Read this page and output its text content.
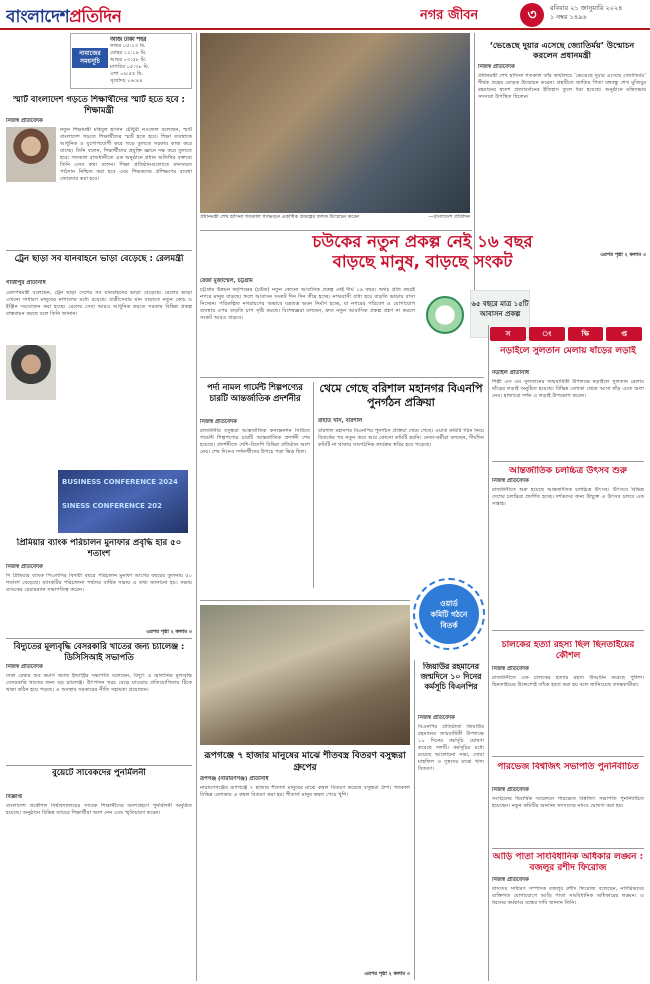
বাংলাদেশপ্রতিদিন	নগর জীবন	৩	রবিবার ২১ জানুয়ারি ২০২৪
১ নম্বর ১৪৯৬
আজ ঢাকা শহর
নামাজের সময়সূচি
ফজর ০৫:২৩ মি.
যোহর ১২:১৯ মি.
আছর ০৩:৫৮ মি.
মাগরিব ০৫:৩৮ মি.
এশা ০৬:৫৫ মি.
সূর্যোদয় ০৬:৪৪
স্মার্ট বাংলাদেশ গড়তে শিক্ষার্থীদের স্মার্ট হতে হবে : শিক্ষামন্ত্রী
নিজস্ব প্রতিবেদক
নতুন শিক্ষামন্ত্রী মহিবুল হাসান চৌধুরী নওফেল বলেছেন, স্মার্ট বাংলাদেশ গড়তে শিক্ষার্থীদের স্মার্ট হতে হবে। শিক্ষা ব্যবস্থাকে আধুনিক ও যুগোপযোগী করে গড়ে তুলতে সরকার কাজ করে যাচ্ছে। তিনি বলেন, শিক্ষার্থীদের প্রযুক্তি জ্ঞানে দক্ষ করে তুলতে হবে। গতকাল রাজধানীতে এক অনুষ্ঠানে প্রধান অতিথির বক্তব্যে তিনি এসব কথা বলেন। শিক্ষা প্রতিষ্ঠানগুলোতে মানসম্মত পাঠদান নিশ্চিত করা হবে এবং শিক্ষকদের প্রশিক্ষণের ব্যবস্থা জোরদার করা হবে।
ট্রেন ছাড়া সব যানবাহনে ভাড়া বেড়েছে : রেলমন্ত্রী
গাজীপুর প্রতিনিধি
রেলপথমন্ত্রী বলেছেন, ট্রেন ছাড়া দেশের সব যানবাহনের ভাড়া বেড়েছে। রেলের ভাড়া এখনো সাধারণ মানুষের নাগালের মধ্যে রয়েছে। যাত্রীসেবার মান বাড়াতে নতুন কোচ ও ইঞ্জিন সংযোজন করা হচ্ছে। রেলের সেবা আরও আধুনিক করতে সরকার বিভিন্ন প্রকল্প বাস্তবায়ন করছে বলে তিনি জানান।
BUSINESS CONFERENCE 2024
SINESS CONFERENCE 202
প্রিমিয়ার ব্যাংক পরিচালন মুনাফার প্রবৃদ্ধি হার ৫০ শতাংশ
নিজস্ব প্রতিবেদক
দি প্রিমিয়ার ব্যাংক পিএলসির বিদায়ী বছরে পরিচালন মুনাফা আগের বছরের তুলনায় ৫০ শতাংশ বেড়েছে। ব্যাংকটির পরিচালনা পর্ষদের বার্ষিক সভায় এ তথ্য জানানো হয়। সভায় ব্যাংকের চেয়ারম্যান সভাপতিত্ব করেন।
এরপর পৃষ্ঠা ২ কলাম ৩
বিদ্যুতের মূল্যবৃদ্ধি বেসরকারি খাতের জন্য চ্যালেঞ্জ : ডিসিসিআই সভাপতি
নিজস্ব প্রতিবেদক
ঢাকা চেম্বার অব কমার্স অ্যান্ড ইন্ডাস্ট্রির সভাপতি বলেছেন, বিদ্যুৎ ও জ্বালানির মূল্যবৃদ্ধি বেসরকারি খাতের জন্য বড় চ্যালেঞ্জ। উৎপাদন খরচ বেড়ে যাওয়ায় প্রতিযোগিতায় টিকে থাকা কঠিন হয়ে পড়ছে। এ অবস্থায় সরকারের নীতি সহায়তা প্রয়োজন।
বুয়েটে সাবেকদের পুনর্মিলনী
বিজ্ঞপ্তি
বাংলাদেশ প্রকৌশল বিশ্ববিদ্যালয়ের সাবেক শিক্ষার্থীদের অংশগ্রহণে পুনর্মিলনী অনুষ্ঠিত হয়েছে। অনুষ্ঠানে বিভিন্ন ব্যাচের শিক্ষার্থীরা অংশ নেন এবং স্মৃতিচারণ করেন।
প্রধানমন্ত্রী শেখ হাসিনা গতকাল গণভবনে একাধিক প্রকল্পের ফলক উন্মোচন করেন	—বাংলাদেশ প্রতিদিন
‘ভেঙেছে দুয়ার এসেছে জ্যোতির্ময়’ উন্মোচন করলেন প্রধানমন্ত্রী
নিজস্ব প্রতিবেদক
প্রধানমন্ত্রী শেখ হাসিনা গতকাল তাঁর কার্যালয়ে ‘ভেঙেছে দুয়ার এসেছে জ্যোতির্ময়’ শীর্ষক গ্রন্থের মোড়ক উন্মোচন করেন। গ্রন্থটিতে জাতির পিতা বঙ্গবন্ধু শেখ মুজিবুর রহমানের স্বদেশ প্রত্যাবর্তনের ইতিহাস তুলে ধরা হয়েছে। অনুষ্ঠানে মন্ত্রিসভার সদস্যরা উপস্থিত ছিলেন।
এরপর পৃষ্ঠা ২ কলাম ৩
চউকের নতুন প্রকল্প নেই ১৬ বছর
বাড়ছে মানুষ, বাড়ছে সংকট
রেজা মুজাম্মেল, চট্টগ্রাম
চট্টগ্রাম উন্নয়ন কর্তৃপক্ষের (চউক) নতুন কোনো আবাসিক প্রকল্প নেই দীর্ঘ ১৬ বছর। অথচ প্রতি বছরই নগরে মানুষ বাড়ছে। ফলে আবাসন সংকট দিন দিন তীব্র হচ্ছে। নগরবাসী বাধ্য হয়ে বাড়তি ভাড়ায় বাসা নিচ্ছেন। পরিকল্পিত নগরায়ণের অভাবে যত্রতত্র ভবন নির্মাণ হচ্ছে, যা নগরের পরিবেশ ও যোগাযোগ ব্যবস্থার ওপর বাড়তি চাপ সৃষ্টি করছে। বিশেষজ্ঞরা বলছেন, দ্রুত নতুন আবাসিক প্রকল্প গ্রহণ না করলে সংকট আরও বাড়বে।
৬৫ বছরে মাত্র ১৫টি আবাসন প্রকল্প
স	ং	ক্ষি	প্ত
পর্দা নামল গার্মেন্ট শিল্পপণ্যের চারটি আন্তর্জাতিক প্রদর্শনীর
নিজস্ব প্রতিবেদক
রাজধানীর বসুন্ধরা আন্তর্জাতিক কনভেনশন সিটিতে গার্মেন্ট শিল্পপণ্যের চারটি আন্তর্জাতিক প্রদর্শনী শেষ হয়েছে। প্রদর্শনীতে দেশি-বিদেশি বিভিন্ন প্রতিষ্ঠান অংশ নেয়। শেষ দিনেও দর্শনার্থীদের উপচে পড়া ভিড় ছিল।
থেমে গেছে বরিশাল মহানগর বিএনপি পুনর্গঠন প্রক্রিয়া
রাহাত খান, বরিশাল
বরিশাল মহানগর বিএনপির পুনর্গঠন প্রক্রিয়া থেমে গেছে। ওয়ার্ড কমিটি গঠন নিয়ে বিতর্কের পর নতুন করে আর কোনো কমিটি হয়নি। নেতা-কর্মীরা বলছেন, দীর্ঘদিন কমিটি না থাকায় সাংগঠনিক কার্যক্রম স্থবির হয়ে পড়েছে।
ওয়ার্ড
কমিটি গঠনে
বিতর্ক
রূপগঞ্জে ৭ হাজার মানুষের মাঝে শীতবস্ত্র বিতরণ বসুন্ধরা গ্রুপের
রূপগঞ্জ (নারায়ণগঞ্জ) প্রতিনিধি
নারায়ণগঞ্জের রূপগঞ্জে ৭ হাজার শীতার্ত মানুষের মাঝে কম্বল বিতরণ করেছে বসুন্ধরা গ্রুপ। গতকাল বিভিন্ন এলাকায় এ কম্বল বিতরণ করা হয়। শীতার্ত মানুষ কম্বল পেয়ে খুশি।
এরপর পৃষ্ঠা ২ কলাম ৩
জিয়াউর রহমানের জন্মদিনে ১০ দিনের কর্মসূচি বিএনপির
নিজস্ব প্রতিবেদক
বিএনপির প্রতিষ্ঠাতা জিয়াউর রহমানের জন্মবার্ষিকী উপলক্ষে ১০ দিনের কর্মসূচি ঘোষণা করেছে দলটি। কর্মসূচির মধ্যে রয়েছে আলোচনা সভা, দোয়া মাহফিল ও দুস্থদের মাঝে খাদ্য বিতরণ।
নড়াইলে সুলতান মেলায় ষাঁড়ের লড়াই
নড়াইল প্রতিনিধি
শিল্পী এস এম সুলতানের জন্মবার্ষিকী উপলক্ষে নড়াইলে সুলতান মেলায় ষাঁড়ের লড়াই অনুষ্ঠিত হয়েছে। বিভিন্ন এলাকা থেকে আসা ষাঁড় এতে অংশ নেয়। হাজারো দর্শক এ লড়াই উপভোগ করেন।
আন্তর্জাতিক চলচ্চিত্র উৎসব শুরু
নিজস্ব প্রতিবেদক
রাজধানীতে শুরু হয়েছে আন্তর্জাতিক চলচ্চিত্র উৎসব। উৎসবে বিভিন্ন দেশের চলচ্চিত্র প্রদর্শিত হচ্ছে। দর্শকদের জন্য উন্মুক্ত এ উৎসব চলবে এক সপ্তাহ।
চালকের হত্যা রহস্য ছিল ছিনতাইয়ের কৌশল
নিজস্ব প্রতিবেদক
রাজধানীতে এক চালকের হত্যার রহস্য উদ্ঘাটন করেছে পুলিশ। ছিনতাইয়ের উদ্দেশ্যেই তাঁকে হত্যা করা হয় বলে জানিয়েছে তদন্তকারীরা।
পারভেজ বিশ্বজিৎ সভাপতি পুনর্নির্বাচিত
নিজস্ব প্রতিবেদক
সংগঠনের দ্বিবার্ষিক সম্মেলনে পারভেজ বিশ্বজিৎ সভাপতি পুনর্নির্বাচিত হয়েছেন। নতুন কমিটির অন্যান্য সদস্যদের নামও ঘোষণা করা হয়।
আড়ি পাতা সাংবিধানিক অধিকার লঙ্ঘন : বজলুর রশীদ ফিরোজ
নিজস্ব প্রতিবেদক
বাসদের সাধারণ সম্পাদক বজলুর রশীদ ফিরোজ বলেছেন, নাগরিকদের ব্যক্তিগত যোগাযোগে আড়ি পাতা সাংবিধানিক অধিকারের লঙ্ঘন। এ ধরনের কর্মকাণ্ড বন্ধের দাবি জানান তিনি।
